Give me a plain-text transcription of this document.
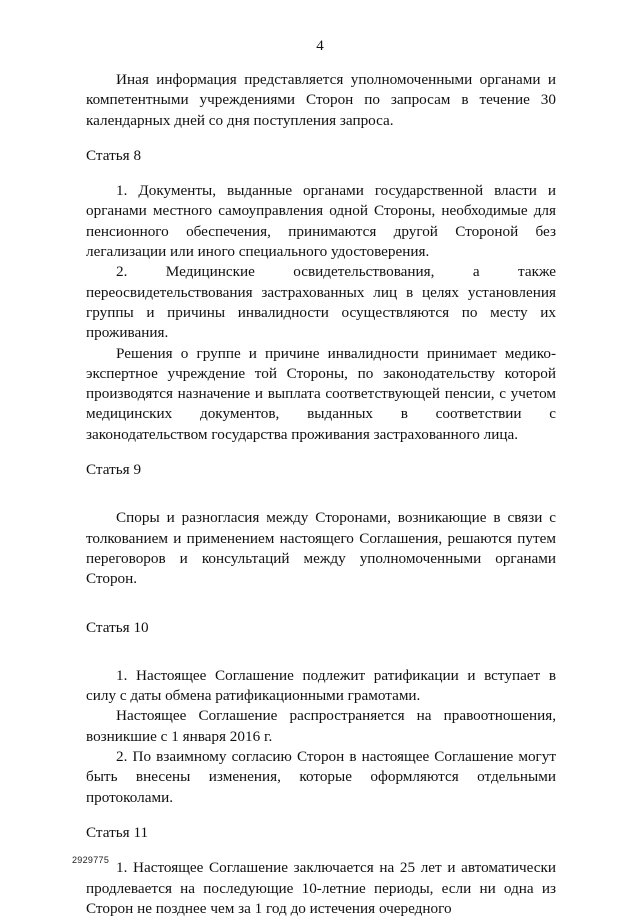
4

Иная информация представляется уполномоченными органами и компетентными учреждениями Сторон по запросам в течение 30 календарных дней со дня поступления запроса.

Статья 8

1. Документы, выданные органами государственной власти и органами местного самоуправления одной Стороны, необходимые для пенсионного обеспечения, принимаются другой Стороной без легализации или иного специального удостоверения.

2. Медицинские освидетельствования, а также переосвидетельствования застрахованных лиц в целях установления группы и причины инвалидности осуществляются по месту их проживания.

Решения о группе и причине инвалидности принимает медико-экспертное учреждение той Стороны, по законодательству которой производятся назначение и выплата соответствующей пенсии, с учетом медицинских документов, выданных в соответствии с законодательством государства проживания застрахованного лица.

Статья 9

Споры и разногласия между Сторонами, возникающие в связи с толкованием и применением настоящего Соглашения, решаются путем переговоров и консультаций между уполномоченными органами Сторон.

Статья 10

1. Настоящее Соглашение подлежит ратификации и вступает в силу с даты обмена ратификационными грамотами.

Настоящее Соглашение распространяется на правоотношения, возникшие с 1 января 2016 г.

2. По взаимному согласию Сторон в настоящее Соглашение могут быть внесены изменения, которые оформляются отдельными протоколами.

Статья 11

1. Настоящее Соглашение заключается на 25 лет и автоматически продлевается на последующие 10-летние периоды, если ни одна из Сторон не позднее чем за 1 год до истечения очередного

2929775
